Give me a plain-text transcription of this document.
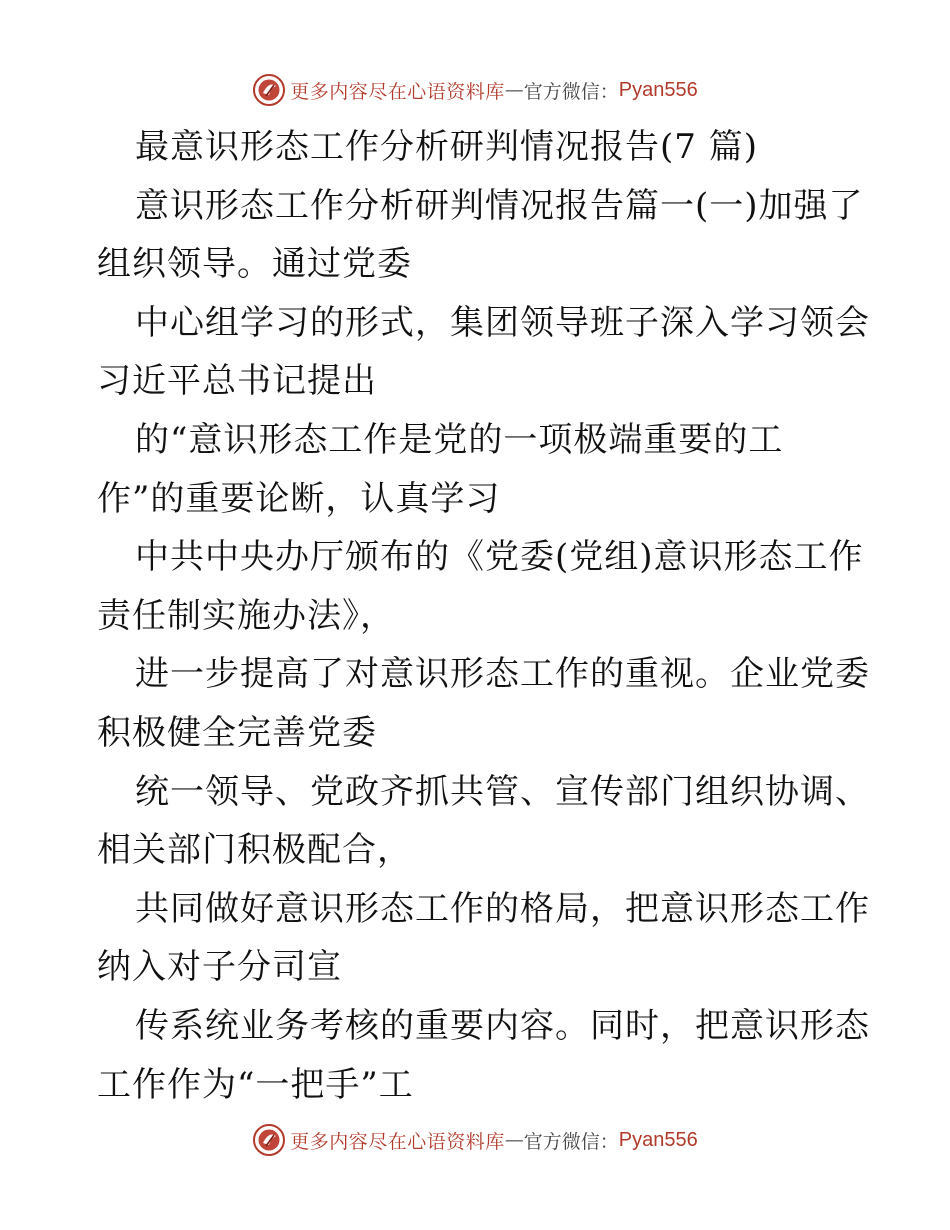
更多内容尽在心语资料库 — 官方微信： Pyan556
最意识形态工作分析研判情况报告(7 篇)
意识形态工作分析研判情况报告篇一(一)加强了
组织领导。通过党委
中心组学习的形式，集团领导班子深入学习领会
习近平总书记提出
的“意识形态工作是党的一项极端重要的工
作”的重要论断，认真学习
中共中央办厅颁布的《党委(党组)意识形态工作
责任制实施办法》，
进一步提高了对意识形态工作的重视。企业党委
积极健全完善党委
统一领导、党政齐抓共管、宣传部门组织协调、
相关部门积极配合，
共同做好意识形态工作的格局，把意识形态工作
纳入对子分司宣
传系统业务考核的重要内容。同时，把意识形态
工作作为“一把手”工
更多内容尽在心语资料库 — 官方微信： Pyan556
